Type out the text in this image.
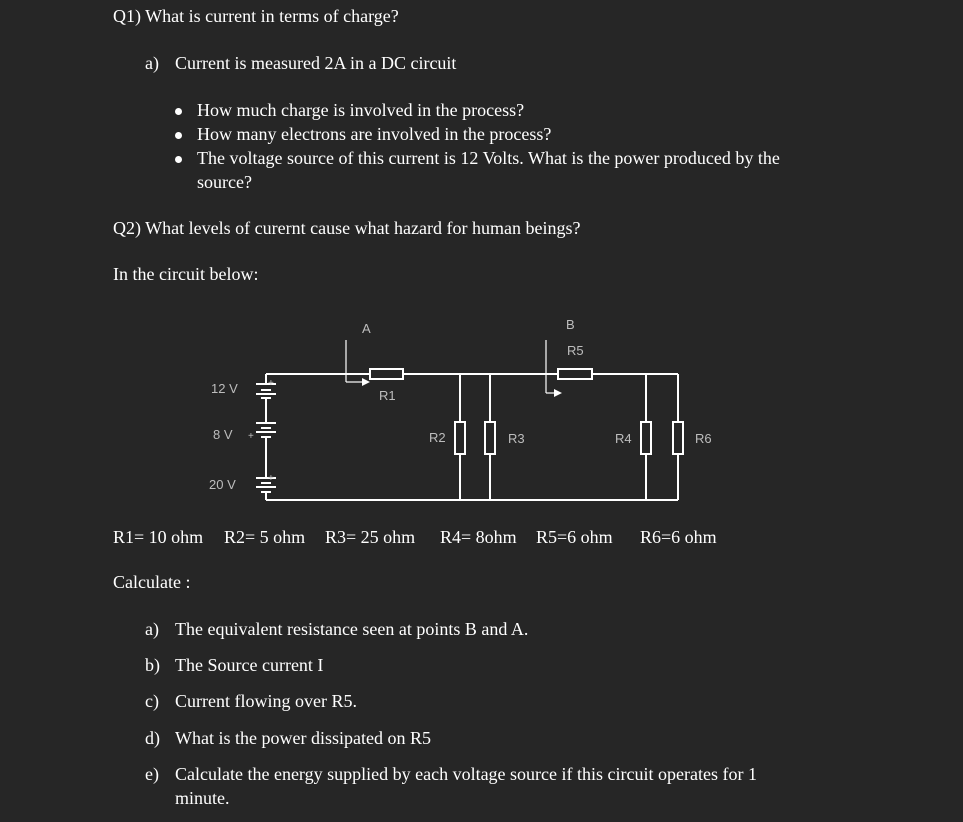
Q1) What is current in terms of charge?
a) Current is measured 2A in a DC circuit
How much charge is involved in the process?
How many electrons are involved in the process?
The voltage source of this current is 12 Volts. What is the power produced by the
source?
Q2) What levels of curernt cause what hazard for human beings?
In the circuit below:
A	B
R5
R1
R2	R3	R4	R6
12 V
8 V
20 V
+
+
+
R1= 10 ohm R2= 5 ohm R3= 25 ohm R4= 8ohm R5=6 ohm R6=6 ohm
Calculate :
a) The equivalent resistance seen at points B and A.
b) The Source current I
c) Current flowing over R5.
d) What is the power dissipated on R5
e) Calculate the energy supplied by each voltage source if this circuit operates for 1
minute.
